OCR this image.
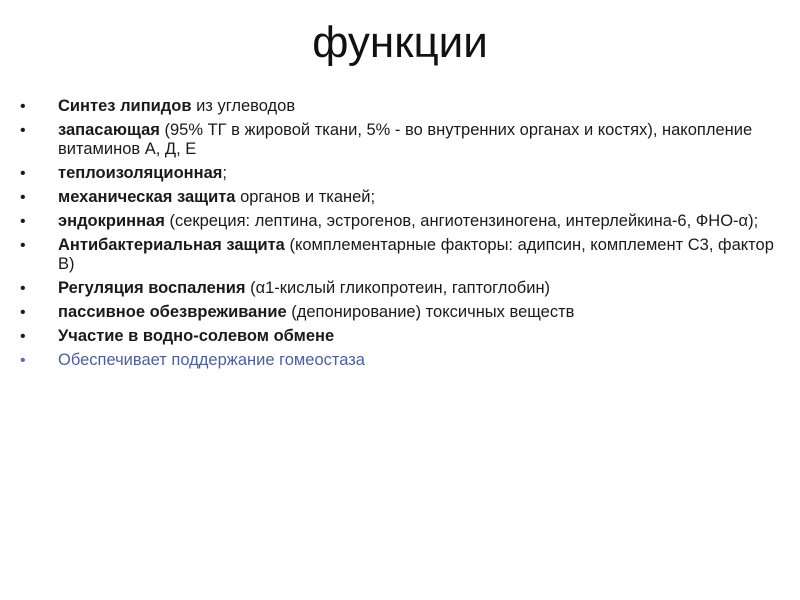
функции
• Синтез липидов из углеводов
• запасающая (95% ТГ в жировой ткани, 5% - во внутренних органах и костях), накопление витаминов А, Д, Е
• теплоизоляционная;
• механическая защита органов и тканей;
• эндокринная (секреция: лептина, эстрогенов, ангиотензиногена, интерлейкина-6, ФНО-α);
• Антибактериальная защита (комплементарные факторы: адипсин, комплемент С3, фактор В)
• Регуляция воспаления (α1-кислый гликопротеин, гаптоглобин)
• пассивное обезвреживание (депонирование) токсичных веществ
• Участие в водно-солевом обмене
• Обеспечивает поддержание гомеостаза
